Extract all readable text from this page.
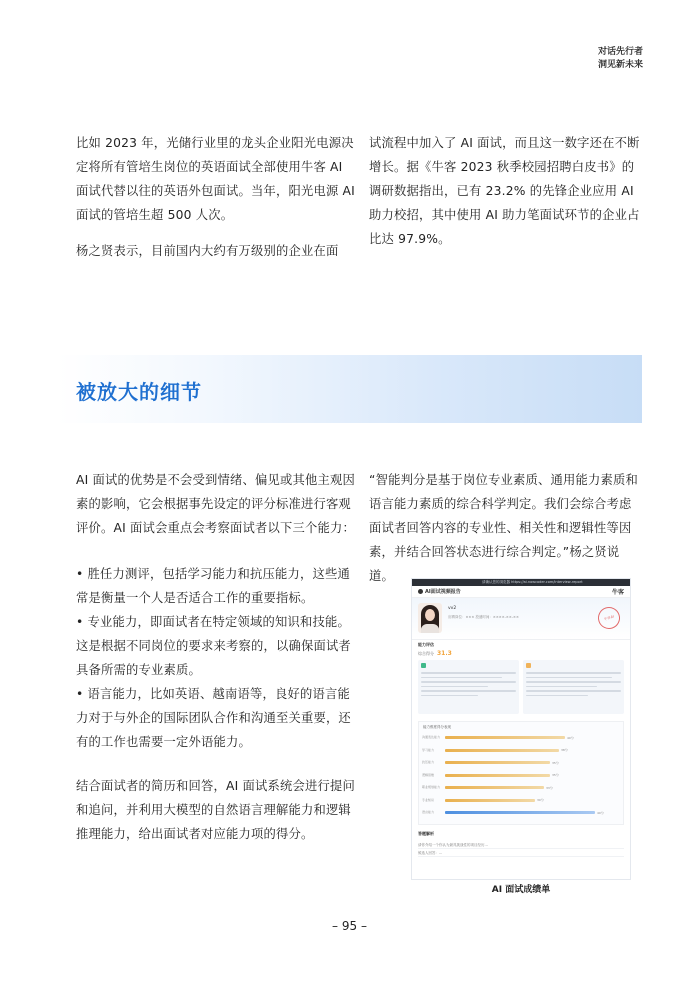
对话先行者
洞见新未来

比如 2023 年，光储行业里的龙头企业阳光电源决定将所有管培生岗位的英语面试全部使用牛客 AI 面试代替以往的英语外包面试。当年，阳光电源 AI 面试的管培生超 500 人次。

杨之贤表示，目前国内大约有万级别的企业在面

试流程中加入了 AI 面试，而且这一数字还在不断增长。据《牛客 2023 秋季校园招聘白皮书》的调研数据指出，已有 23.2% 的先锋企业应用 AI 助力校招，其中使用 AI 助力笔面试环节的企业占比达 97.9%。

被放大的细节

AI 面试的优势是不会受到情绪、偏见或其他主观因素的影响，它会根据事先设定的评分标准进行客观评价。AI 面试会重点会考察面试者以下三个能力：

• 胜任力测评，包括学习能力和抗压能力，这些通常是衡量一个人是否适合工作的重要指标。

• 专业能力，即面试者在特定领域的知识和技能。这是根据不同岗位的要求来考察的，以确保面试者具备所需的专业素质。

• 语言能力，比如英语、越南语等，良好的语言能力对于与外企的国际团队合作和沟通至关重要，还有的工作也需要一定外语能力。

结合面试者的简历和回答，AI 面试系统会进行提问和追问，并利用大模型的自然语言理解能力和逻辑推理能力，给出面试者对应能力项的得分。

“智能判分是基于岗位专业素质、通用能力素质和语言能力素质的综合科学判定。我们会综合考虑面试者回答内容的专业性、相关性和逻辑性等因素，并结合回答状态进行综合判定。”杨之贤说道。	请确认您的浏览器 https://ai.nowcoder.com/interview-report
AI面试视频报告	牛客
vv2
应聘岗位：××× 投递时间：××××-××-××	牛客AI
能力评估
综合得分 31.3
能力维度得分表现
沟通表达能力	40分
学习能力	38分
抗压能力	35分
逻辑思维	35分
职业规划能力	33分
专业知识	30分
语言能力	40分
答题解析
请你介绍一个你认为最具挑战性的项目经历...
候选人回答：...
AI 面试成绩单
– 95 –
